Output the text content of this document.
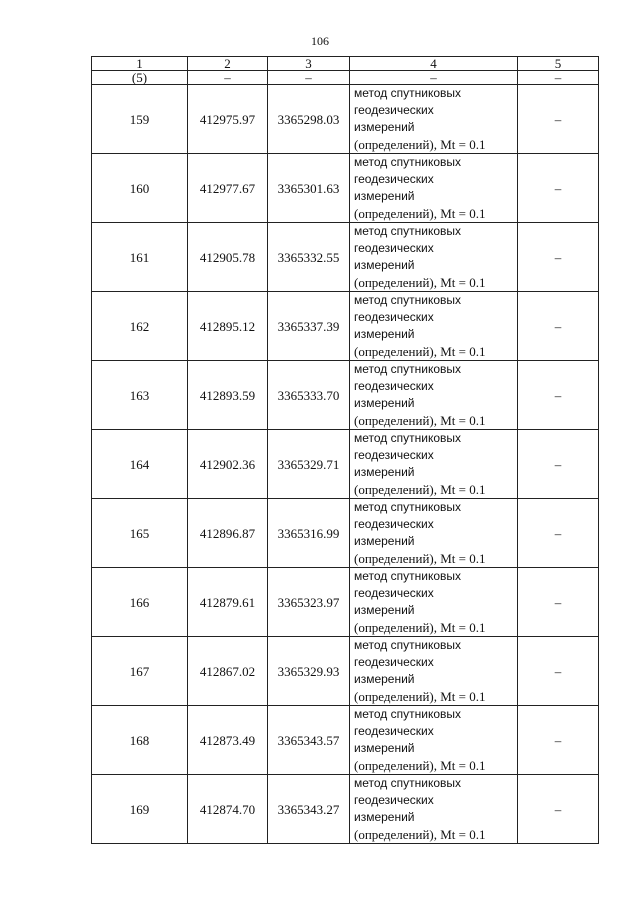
106
1	2	3	4	5
(5)	–	–	–	–
159	412975.97	3365298.03	метод спутниковых
геодезических
измерений
(определений), Mt = 0.1	–
160	412977.67	3365301.63	метод спутниковых
геодезических
измерений
(определений), Mt = 0.1	–
161	412905.78	3365332.55	метод спутниковых
геодезических
измерений
(определений), Mt = 0.1	–
162	412895.12	3365337.39	метод спутниковых
геодезических
измерений
(определений), Mt = 0.1	–
163	412893.59	3365333.70	метод спутниковых
геодезических
измерений
(определений), Mt = 0.1	–
164	412902.36	3365329.71	метод спутниковых
геодезических
измерений
(определений), Mt = 0.1	–
165	412896.87	3365316.99	метод спутниковых
геодезических
измерений
(определений), Mt = 0.1	–
166	412879.61	3365323.97	метод спутниковых
геодезических
измерений
(определений), Mt = 0.1	–
167	412867.02	3365329.93	метод спутниковых
геодезических
измерений
(определений), Mt = 0.1	–
168	412873.49	3365343.57	метод спутниковых
геодезических
измерений
(определений), Mt = 0.1	–
169	412874.70	3365343.27	метод спутниковых
геодезических
измерений
(определений), Mt = 0.1	–
